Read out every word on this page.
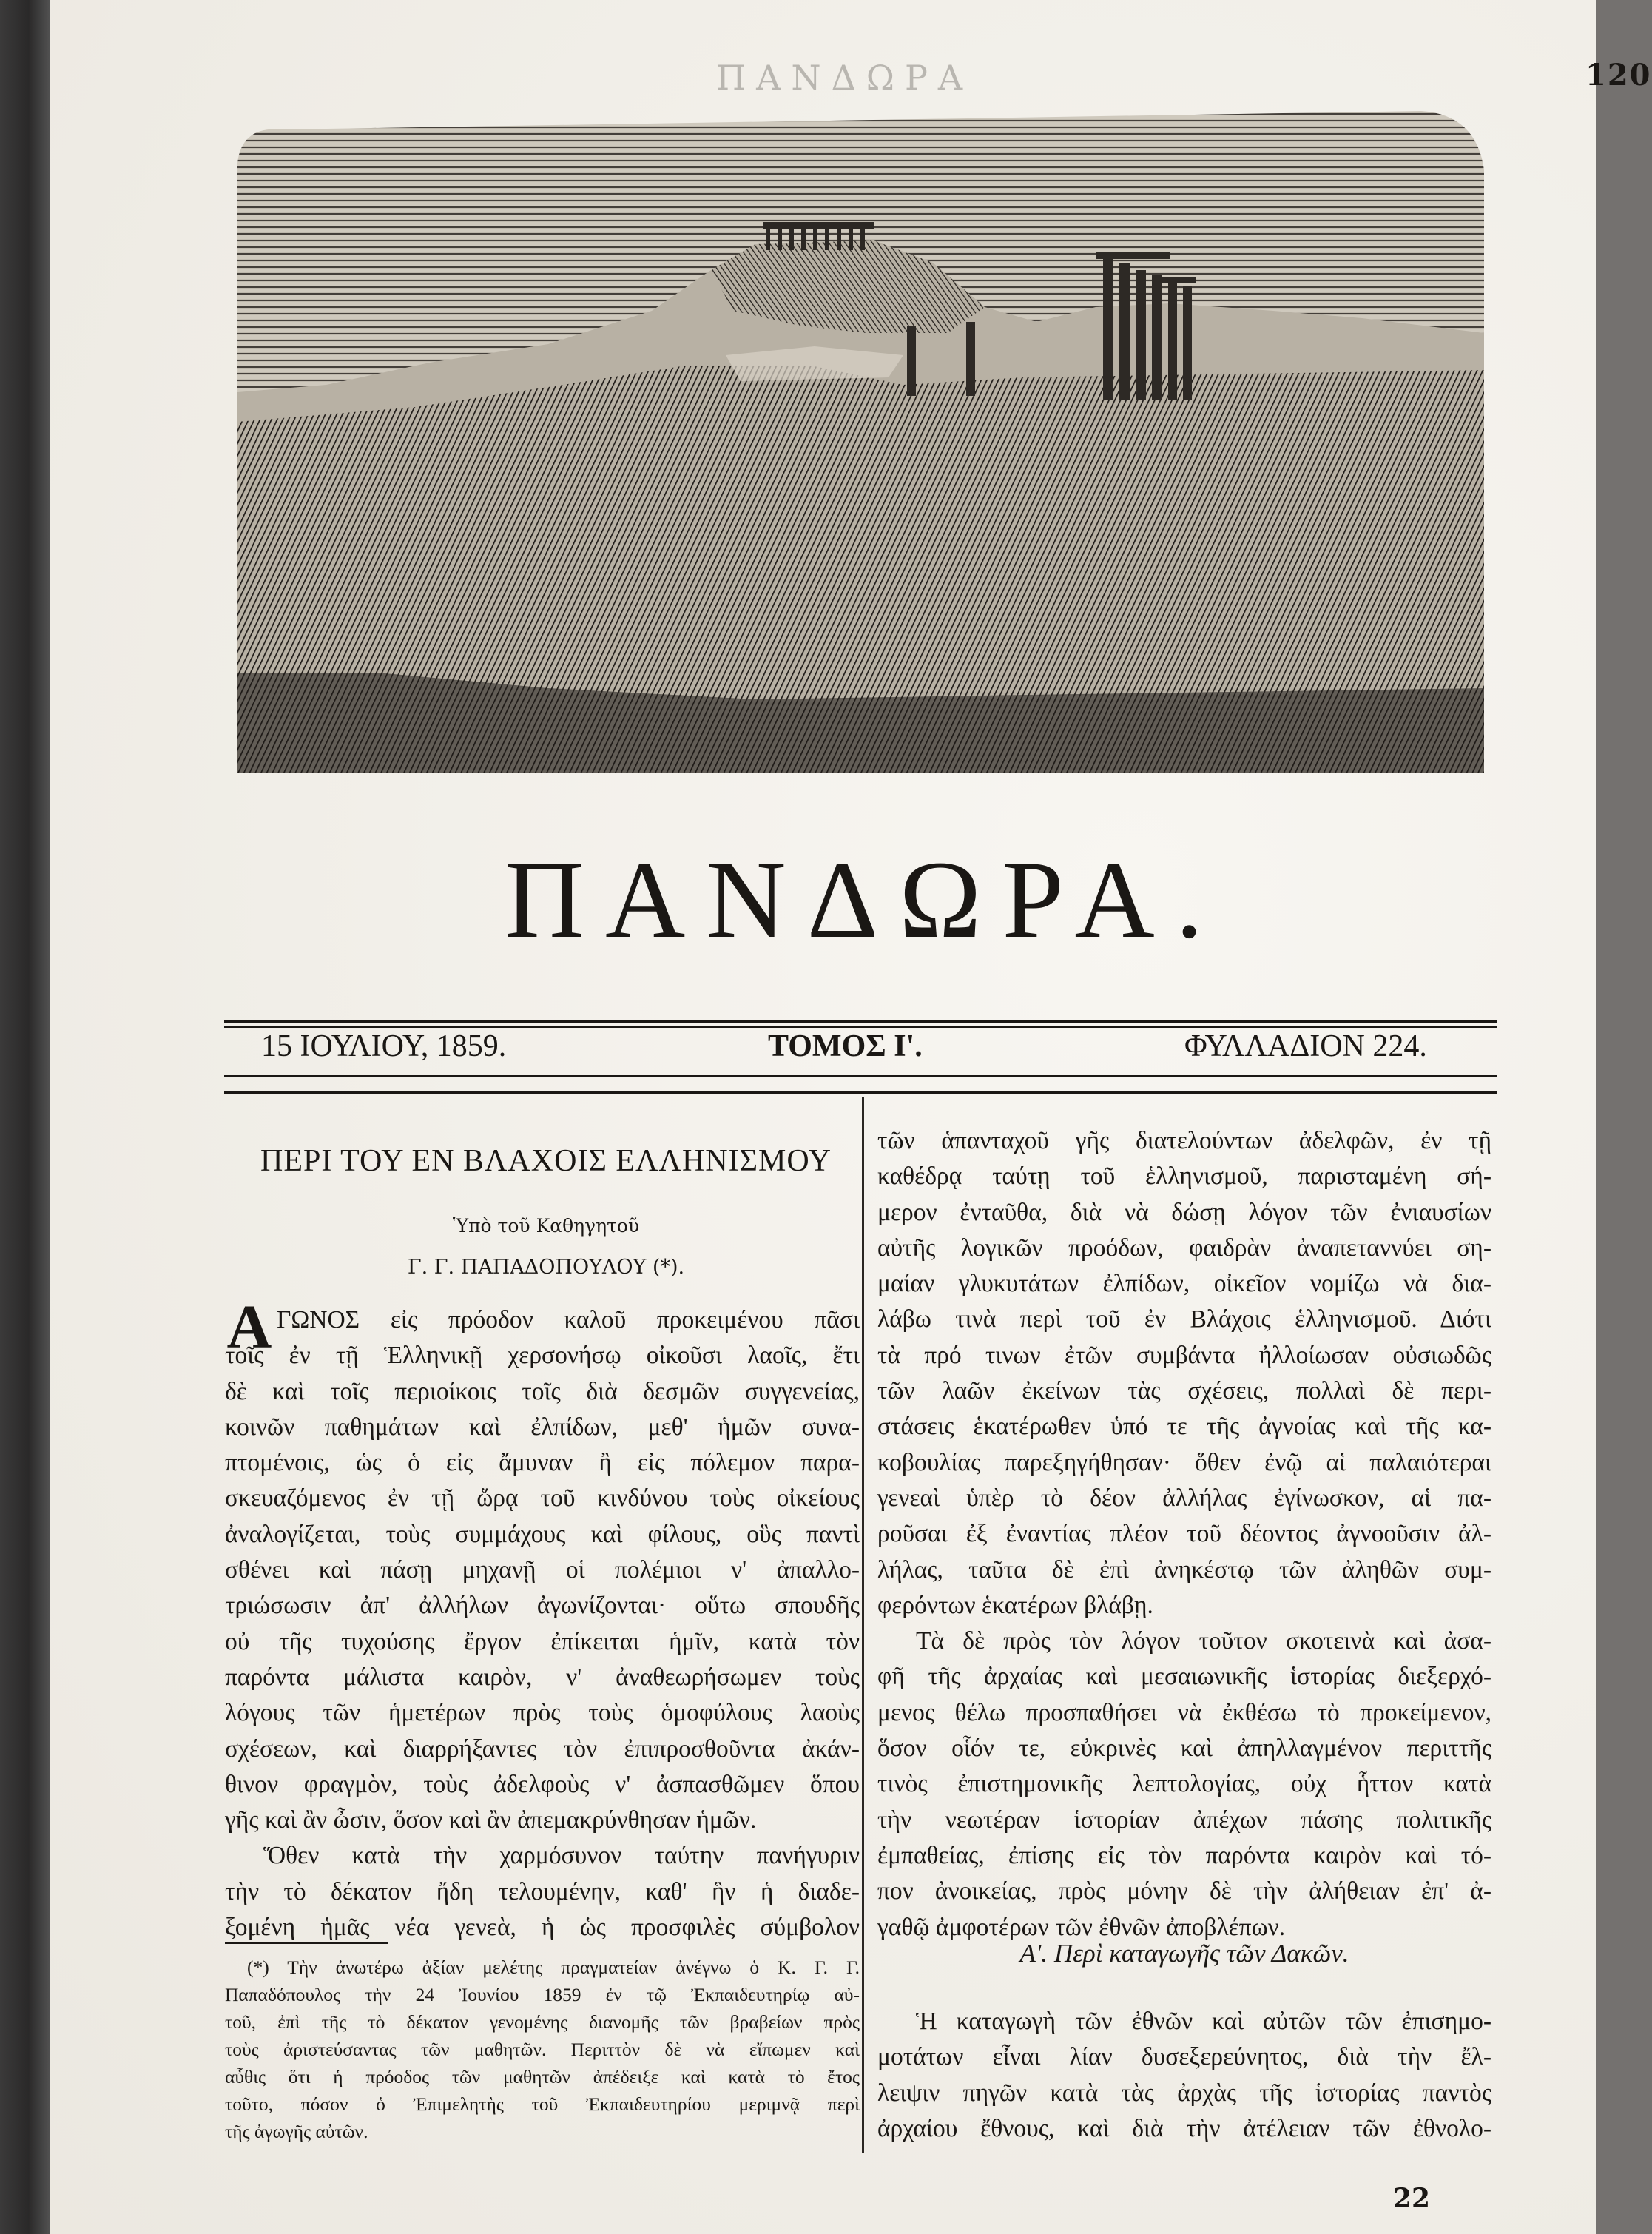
ΠΑΝΔΩΡΑ	120
ΠΑΝΔΩΡΑ.
15 ΙΟΥΛΙΟΥ, 1859.	ΤΟΜΟΣ Ι'.	ΦΥΛΛΑΔΙΟΝ 224.
ΠΕΡΙ ΤΟΥ ΕΝ ΒΛΑΧΟΙΣ ΕΛΛΗΝΙΣΜΟΥ
Ὑπὸ τοῦ Καθηγητοῦ
Γ. Γ. ΠΑΠΑΔΟΠΟΥΛΟΥ (*).
Α ΓΩΝΟΣ εἰς πρόοδον καλοῦ προκειμένου πᾶσι
τοῖς ἐν τῇ Ἑλληνικῇ χερσονήσῳ οἰκοῦσι λαοῖς, ἔτι
δὲ καὶ τοῖς περιοίκοις τοῖς διὰ δεσμῶν συγγενείας,
κοινῶν παθημάτων καὶ ἐλπίδων, μεθ' ἡμῶν συνα-
πτομένοις, ὡς ὁ εἰς ἄμυναν ἢ εἰς πόλεμον παρα-
σκευαζόμενος ἐν τῇ ὥρᾳ τοῦ κινδύνου τοὺς οἰκείους
ἀναλογίζεται, τοὺς συμμάχους καὶ φίλους, οὓς παντὶ
σθένει καὶ πάσῃ μηχανῇ οἱ πολέμιοι ν' ἀπαλλο-
τριώσωσιν ἀπ' ἀλλήλων ἀγωνίζονται· οὕτω σπουδῆς
οὐ τῆς τυχούσης ἔργον ἐπίκειται ἡμῖν, κατὰ τὸν
παρόντα μάλιστα καιρὸν, ν' ἀναθεωρήσωμεν τοὺς
λόγους τῶν ἡμετέρων πρὸς τοὺς ὁμοφύλους λαοὺς
σχέσεων, καὶ διαρρήξαντες τὸν ἐπιπροσθοῦντα ἀκάν-
θινον φραγμὸν, τοὺς ἀδελφοὺς ν' ἀσπασθῶμεν ὅπου
γῆς καὶ ἂν ὦσιν, ὅσον καὶ ἂν ἀπεμακρύνθησαν ἡμῶν.
Ὅθεν κατὰ τὴν χαρμόσυνον ταύτην πανήγυριν
τὴν τὸ δέκατον ἤδη τελουμένην, καθ' ἣν ἡ διαδε-
ξομένη ἡμᾶς νέα γενεὰ, ἡ ὡς προσφιλὲς σύμβολον
(*) Τὴν ἀνωτέρω ἀξίαν μελέτης πραγματείαν ἀνέγνω ὁ Κ. Γ. Γ.
Παπαδόπουλος τὴν 24 Ἰουνίου 1859 ἐν τῷ Ἐκπαιδευτηρίῳ αὐ-
τοῦ, ἐπὶ τῆς τὸ δέκατον γενομένης διανομῆς τῶν βραβείων πρὸς
τοὺς ἀριστεύσαντας τῶν μαθητῶν. Περιττὸν δὲ νὰ εἴπωμεν καὶ
αὖθις ὅτι ἡ πρόοδος τῶν μαθητῶν ἀπέδειξε καὶ κατὰ τὸ ἔτος
τοῦτο, πόσον ὁ Ἐπιμελητὴς τοῦ Ἐκπαιδευτηρίου μεριμνᾷ περὶ
τῆς ἀγωγῆς αὐτῶν.
τῶν ἁπανταχοῦ γῆς διατελούντων ἀδελφῶν, ἐν τῇ
καθέδρᾳ ταύτῃ τοῦ ἑλληνισμοῦ, παρισταμένη σή-
μερον ἐνταῦθα, διὰ νὰ δώσῃ λόγον τῶν ἐνιαυσίων
αὐτῆς λογικῶν προόδων, φαιδρὰν ἀναπεταννύει ση-
μαίαν γλυκυτάτων ἐλπίδων, οἰκεῖον νομίζω νὰ δια-
λάβω τινὰ περὶ τοῦ ἐν Βλάχοις ἑλληνισμοῦ. Διότι
τὰ πρό τινων ἐτῶν συμβάντα ἠλλοίωσαν οὐσιωδῶς
τῶν λαῶν ἐκείνων τὰς σχέσεις, πολλαὶ δὲ περι-
στάσεις ἑκατέρωθεν ὑπό τε τῆς ἀγνοίας καὶ τῆς κα-
κοβουλίας παρεξηγήθησαν· ὅθεν ἐνῷ αἱ παλαιότεραι
γενεαὶ ὑπὲρ τὸ δέον ἀλλήλας ἐγίνωσκον, αἱ πα-
ροῦσαι ἐξ ἐναντίας πλέον τοῦ δέοντος ἀγνοοῦσιν ἀλ-
λήλας, ταῦτα δὲ ἐπὶ ἀνηκέστῳ τῶν ἀληθῶν συμ-
φερόντων ἑκατέρων βλάβῃ.
Τὰ δὲ πρὸς τὸν λόγον τοῦτον σκοτεινὰ καὶ ἀσα-
φῆ τῆς ἀρχαίας καὶ μεσαιωνικῆς ἱστορίας διεξερχό-
μενος θέλω προσπαθήσει νὰ ἐκθέσω τὸ προκείμενον,
ὅσον οἷόν τε, εὐκρινὲς καὶ ἀπηλλαγμένον περιττῆς
τινὸς ἐπιστημονικῆς λεπτολογίας, οὐχ ἧττον κατὰ
τὴν νεωτέραν ἱστορίαν ἀπέχων πάσης πολιτικῆς
ἐμπαθείας, ἐπίσης εἰς τὸν παρόντα καιρὸν καὶ τό-
πον ἀνοικείας, πρὸς μόνην δὲ τὴν ἀλήθειαν ἐπ' ἀ-
γαθῷ ἀμφοτέρων τῶν ἐθνῶν ἀποβλέπων.
Α'. Περὶ καταγωγῆς τῶν Δακῶν.
Ἡ καταγωγὴ τῶν ἐθνῶν καὶ αὐτῶν τῶν ἐπισημο-
μοτάτων εἶναι λίαν δυσεξερεύνητος, διὰ τὴν ἔλ-
λειψιν πηγῶν κατὰ τὰς ἀρχὰς τῆς ἱστορίας παντὸς
ἀρχαίου ἔθνους, καὶ διὰ τὴν ἀτέλειαν τῶν ἐθνολο-
22
